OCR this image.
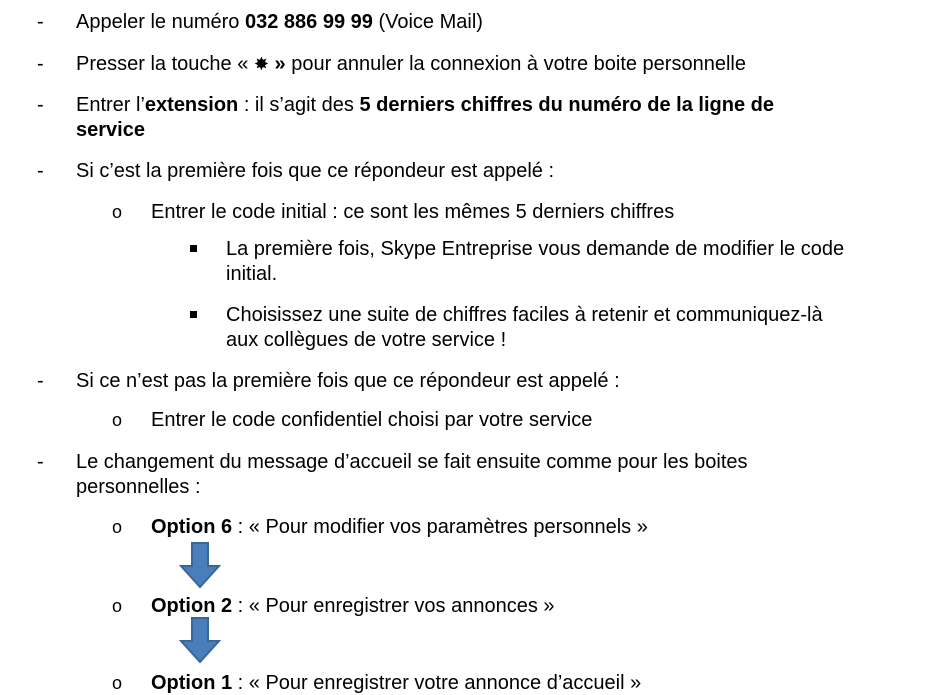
- Appeler le numéro 032 886 99 99 (Voice Mail)
- Presser la touche « ✸ » pour annuler la connexion à votre boite personnelle
- Entrer l’extension : il s’agit des 5 derniers chiffres du numéro de la ligne de
service
- Si c’est la première fois que ce répondeur est appelé :
o Entrer le code initial : ce sont les mêmes 5 derniers chiffres
La première fois, Skype Entreprise vous demande de modifier le code
initial.
Choisissez une suite de chiffres faciles à retenir et communiquez-là
aux collègues de votre service !
- Si ce n’est pas la première fois que ce répondeur est appelé :
o Entrer le code confidentiel choisi par votre service
- Le changement du message d’accueil se fait ensuite comme pour les boites
personnelles :
o Option 6 : « Pour modifier vos paramètres personnels »
o Option 2 : « Pour enregistrer vos annonces »
o Option 1 : « Pour enregistrer votre annonce d’accueil »
